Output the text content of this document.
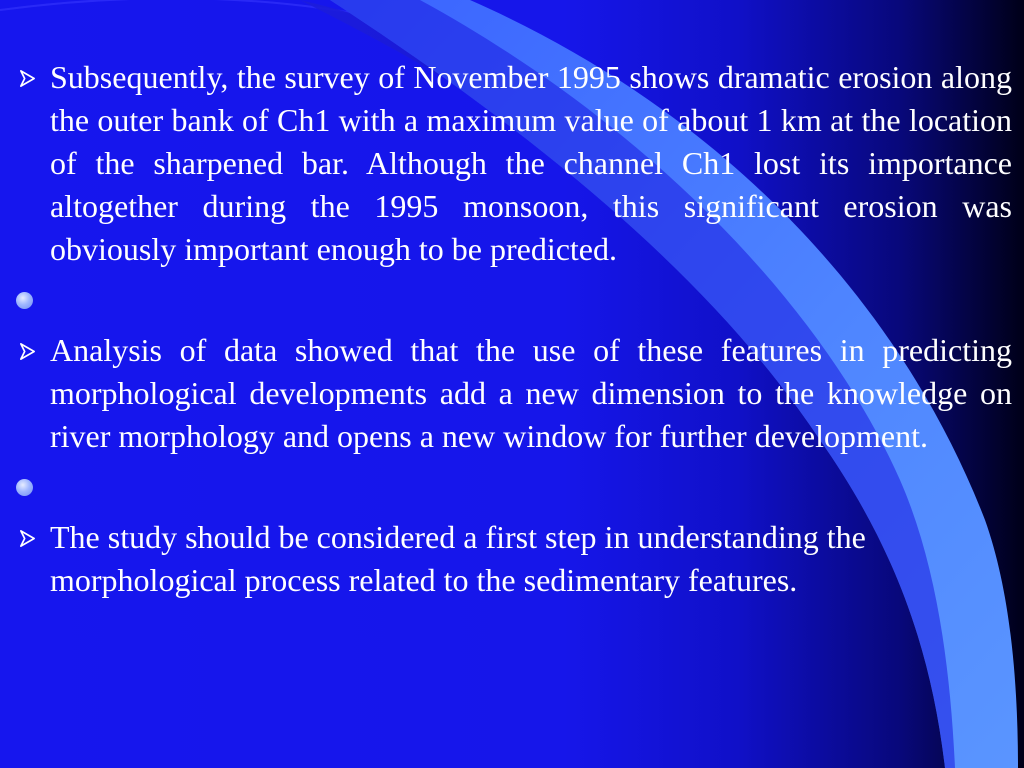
Subsequently, the survey of November 1995 shows dramatic erosion along the outer bank of Ch1 with a maximum value of about 1 km at the location of the sharpened bar. Although the channel Ch1 lost its importance altogether during the 1995 monsoon, this significant erosion was obviously important enough to be predicted.
Analysis of data showed that the use of these features in predicting morphological developments add a new dimension to the knowledge on river morphology and opens a new window for further development.
The study should be considered a first step in understanding the morphological process related to the sedimentary features.
